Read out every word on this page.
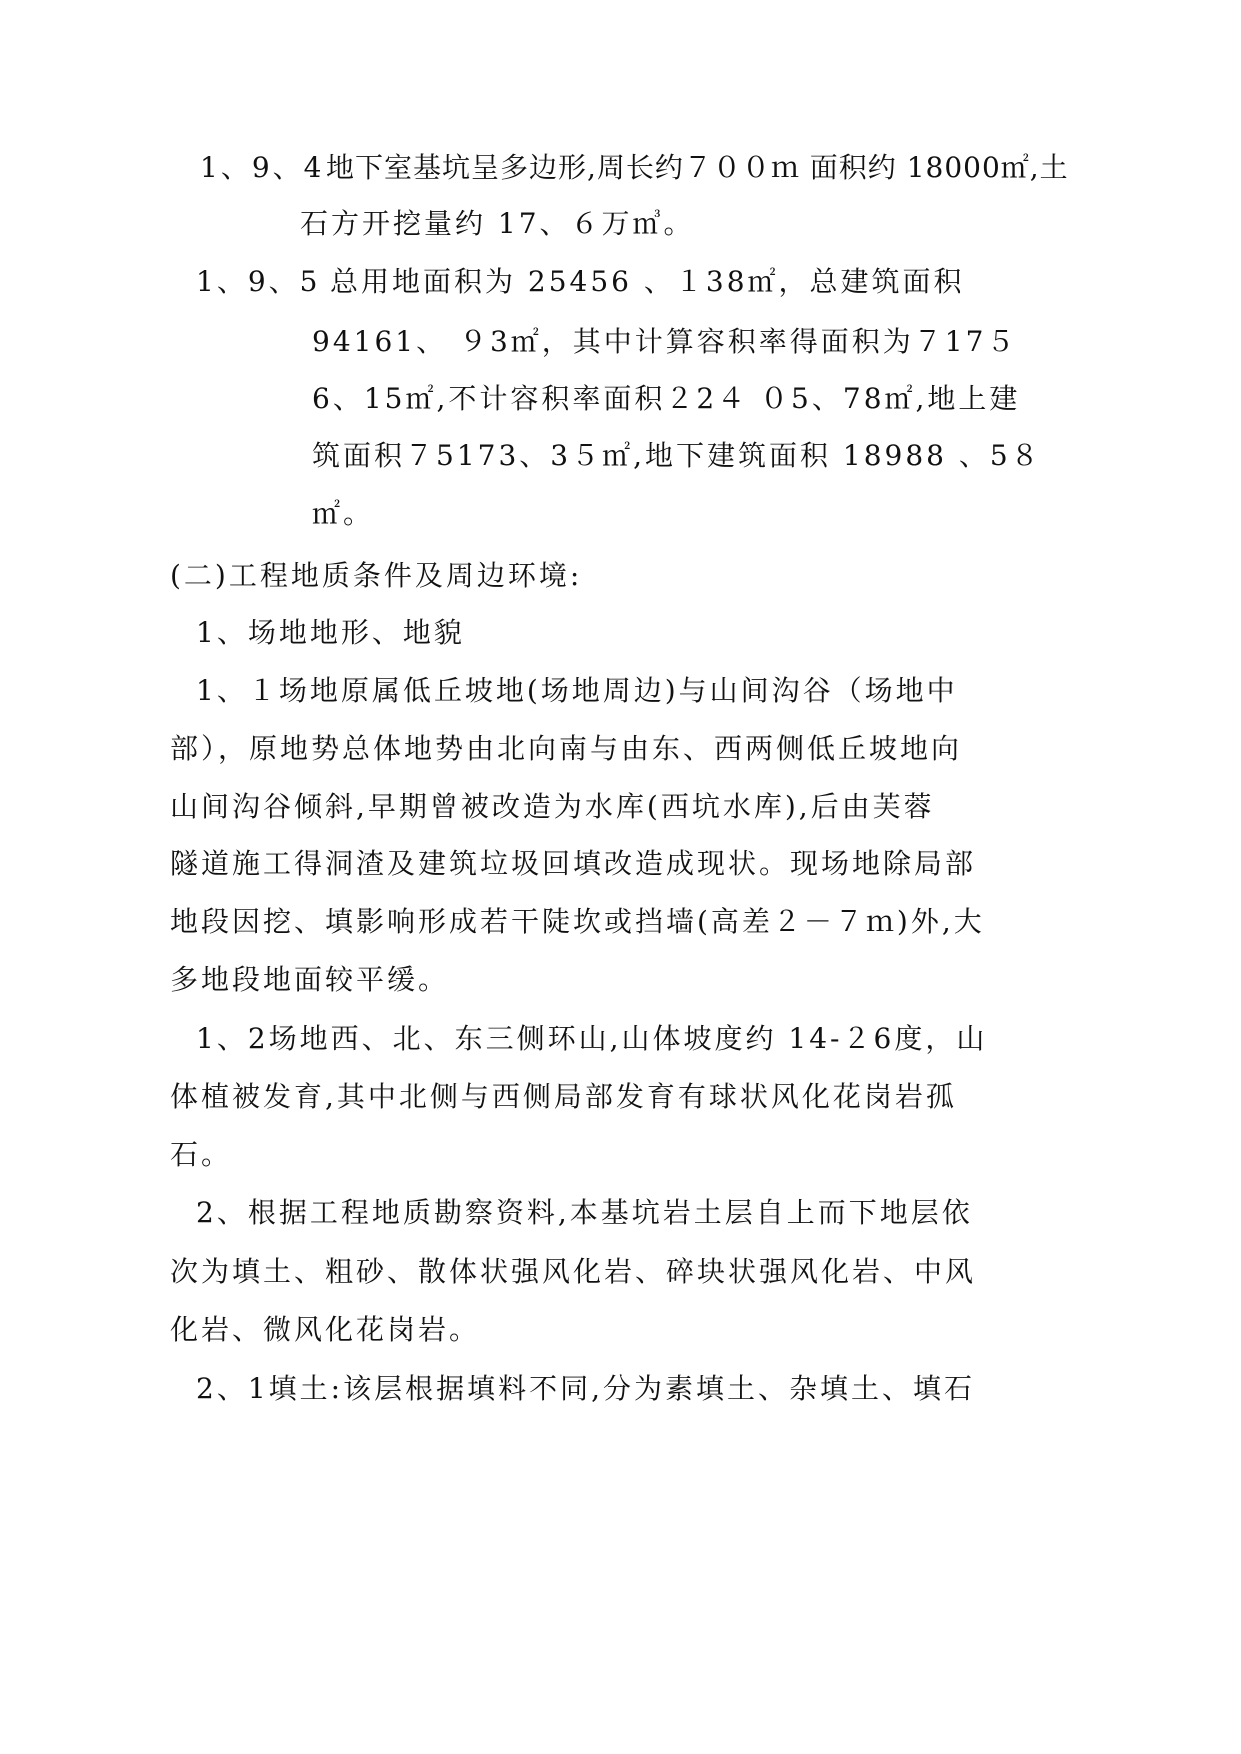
1、9、4 地下室基坑呈多边形,周长约７００ｍ 面积约 18000㎡,土
石方开挖量约 17、６万㎥。
1、9、5 总用地面积为 25456 、１38㎡，总建筑面积
94161、 ９3㎡，其中计算容积率得面积为７17５
6、15㎡,不计容积率面积２2４ ０5、78㎡,地上建
筑面积７5173、3５㎡,地下建筑面积 18988 、5８
㎡。
(二)工程地质条件及周边环境:
1、场地地形、地貌
1、１场地原属低丘坡地(场地周边)与山间沟谷（场地中
部），原地势总体地势由北向南与由东、西两侧低丘坡地向
山间沟谷倾斜,早期曾被改造为水库(西坑水库),后由芙蓉
隧道施工得洞渣及建筑垃圾回填改造成现状。现场地除局部
地段因挖、填影响形成若干陡坎或挡墙(高差２－７ｍ)外,大
多地段地面较平缓。
1、2场地西、北、东三侧环山,山体坡度约 14-２6度，山
体植被发育,其中北侧与西侧局部发育有球状风化花岗岩孤
石。
2、根据工程地质勘察资料,本基坑岩土层自上而下地层依
次为填土、粗砂、散体状强风化岩、碎块状强风化岩、中风
化岩、微风化花岗岩。
2、1填土:该层根据填料不同,分为素填土、杂填土、填石
